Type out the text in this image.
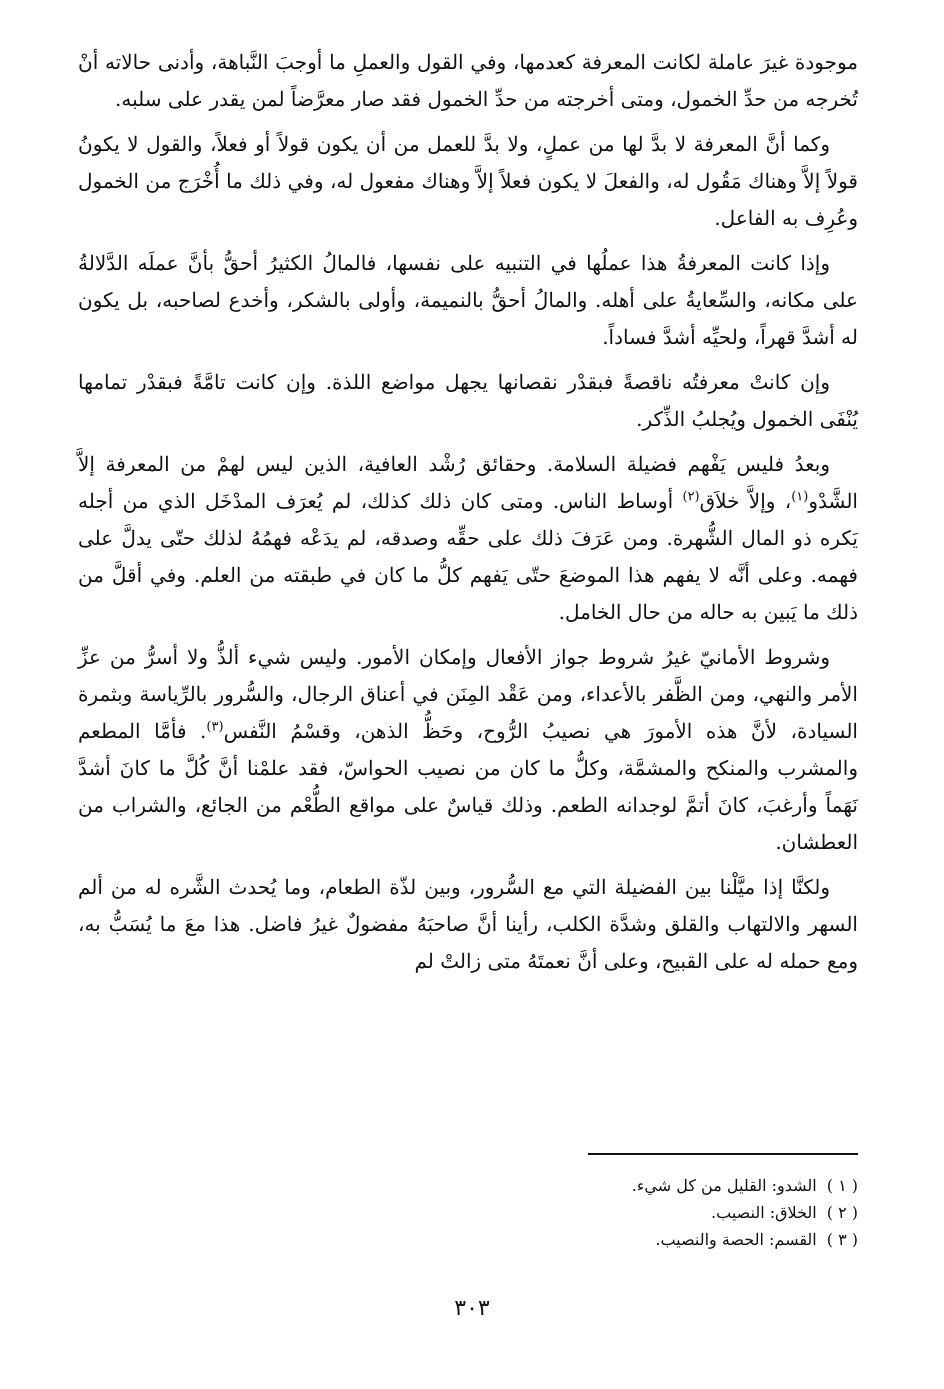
موجودة غيرَ عاملة لكانت المعرفة كعدمها، وفي القول والعملِ ما أوجبَ النَّباهة، وأدنى حالاته أنْ تُخرجه من حدِّ الخمول، ومتى أخرجته من حدِّ الخمول فقد صار معرَّضاً لمن يقدر على سلبه.

وكما أنَّ المعرفة لا بدَّ لها من عملٍ، ولا بدَّ للعمل من أن يكون قولاً أو فعلاً، والقول لا يكونُ قولاً إلاَّ وهناك مَقُول له، والفعلَ لا يكون فعلاً إلاَّ وهناك مفعول له، وفي ذلك ما أُخْرَج من الخمول وعُرِف به الفاعل.

وإذا كانت المعرفةُ هذا عملُها في التنبيه على نفسها، فالمالُ الكثيرُ أحقُّ بأنَّ عملَه الدَّلالةُ على مكانه، والسِّعايةُ على أهله. والمالُ أحقُّ بالنميمة، وأولى بالشكر، وأخدع لصاحبه، بل يكون له أشدَّ قهراً، ولحيِّه أشدَّ فساداً.

وإن كانتْ معرفتُه ناقصةً فبقدْر نقصانها يجهل مواضع اللذة. وإن كانت تامَّةً فبقدْر تمامها يُنْفَى الخمول ويُجلبُ الذِّكر.

وبعدُ فليس يَفْهم فضيلة السلامة. وحقائق رُشْد العافية، الذين ليس لهمْ من المعرفة إلاَّ الشَّدْو$^{(١)}$، وإلاَّ خلاَق$^{(٢)}$ أوساط الناس. ومتى كان ذلك كذلك، لم يُعرَف المدْخَل الذي من أجله يَكره ذو المال الشُّهرة. ومن عَرَفَ ذلك على حقِّه وصدقه، لم يدَعْه فهمُهُ لذلك حتّى يدلَّ على فهمه. وعلى أنَّه لا يفهم هذا الموضعَ حتّى يَفهم كلُّ ما كان في طبقته من العلم. وفي أقلَّ من ذلك ما يَبين به حاله من حال الخامل.

وشروط الأمانيّ غيرُ شروط جواز الأفعال وإمكان الأمور. وليس شيء ألذُّ ولا أسرُّ من عزِّ الأمر والنهي، ومن الظَّفر بالأعداء، ومن عَقْد المِنَن في أعناق الرجال، والسُّرور بالرِّياسة وبثمرة السيادة، لأنَّ هذه الأمورَ هي نصيبُ الرُّوح، وحَظُّ الذهن، وقسْمُ النَّفس$^{(٣)}$. فأمَّا المطعم والمشرب والمنكح والمشمَّة، وكلُّ ما كان من نصيب الحواسّ، فقد علمْنا أنَّ كُلَّ ما كانَ أشدَّ نَهَماً وأرغبَ، كانَ أتمَّ لوجدانه الطعم. وذلك قياسٌ على مواقع الطُّعْم من الجائع، والشراب من العطشان.

ولكنَّا إذا ميَّلْنا بين الفضيلة التي مع السُّرور، وبين لذّة الطعام، وما يُحدث الشَّره له من ألم السهر والالتهاب والقلق وشدَّة الكلب، رأينا أنَّ صاحبَهُ مفضولٌ غيرُ فاضل. هذا معَ ما يُسَبُّ به، ومع حمله له على القبيح، وعلى أنَّ نعمتَهُ متى زالتْ لم

( ١ )الشدو: القليل من كل شيء.

( ٢ )الخلاق: النصيب.

( ٣ )القسم: الحصة والنصيب.

٣٠٣
